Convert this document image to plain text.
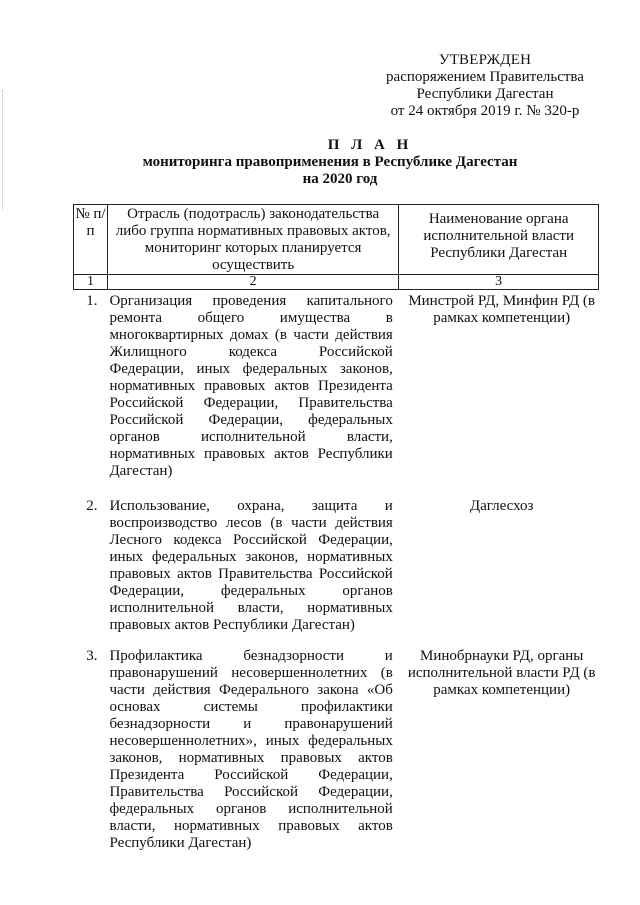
УТВЕРЖДЕН
распоряжением Правительства
Республики Дагестан
от 24 октября 2019 г. № 320-р
П Л А Н
мониторинга правоприменения в Республике Дагестан
на 2020 год
№ п/п	Отрасль (подотрасль) законодательства либо группа нормативных правовых актов, мониторинг которых планируется осуществить	Наименование органа исполнительной власти Республики Дагестан
1	2	3
1.	Организация проведения капитального ремонта общего имущества в многоквартирных домах (в части действия Жилищного кодекса Российской Федерации, иных федеральных законов, нормативных правовых актов Президента Российской Федерации, Правительства Российской Федерации, федеральных органов исполнительной власти, нормативных правовых актов Республики Дагестан)	Минстрой РД, Минфин РД (в рамках компетенции)
2.	Использование, охрана, защита и воспроизводство лесов (в части действия Лесного кодекса Российской Федерации, иных федеральных законов, нормативных правовых актов Правительства Российской Федерации, федеральных органов исполнительной власти, нормативных правовых актов Республики Дагестан)	Даглесхоз
3.	Профилактика безнадзорности и правонарушений несовершеннолетних (в части действия Федерального закона «Об основах системы профилактики безнадзорности и правонарушений несовершеннолетних», иных федеральных законов, нормативных правовых актов Президента Российской Федерации, Правительства Российской Федерации, федеральных органов исполнительной власти, нормативных правовых актов Республики Дагестан)	Минобрнауки РД, органы исполнительной власти РД (в рамках компетенции)
